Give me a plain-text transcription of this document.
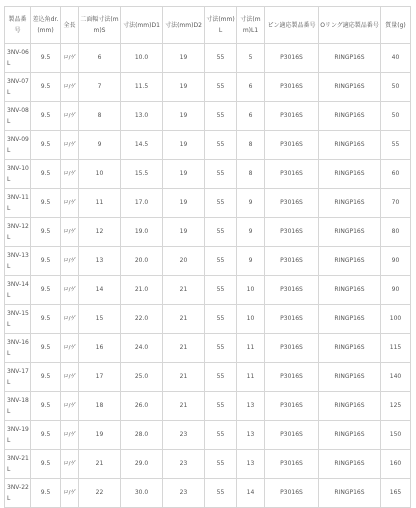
製品番号	差込角dr.(mm)	全長	二面幅寸法(mm)S	寸法(mm)D1	寸法(mm)D2	寸法(mm)L	寸法(mm)L1	ピン適応製品番号	Oリング適応製品番号	質量(g)
3NV-06L	9.5	ロ/ゲ	6	10.0	19	55	5	P3016S	RINGP16S	40
3NV-07L	9.5	ロ/ゲ	7	11.5	19	55	6	P3016S	RINGP16S	50
3NV-08L	9.5	ロ/ゲ	8	13.0	19	55	6	P3016S	RINGP16S	50
3NV-09L	9.5	ロ/ゲ	9	14.5	19	55	8	P3016S	RINGP16S	55
3NV-10L	9.5	ロ/ゲ	10	15.5	19	55	8	P3016S	RINGP16S	60
3NV-11L	9.5	ロ/ゲ	11	17.0	19	55	9	P3016S	RINGP16S	70
3NV-12L	9.5	ロ/ゲ	12	19.0	19	55	9	P3016S	RINGP16S	80
3NV-13L	9.5	ロ/ゲ	13	20.0	20	55	9	P3016S	RINGP16S	90
3NV-14L	9.5	ロ/ゲ	14	21.0	21	55	10	P3016S	RINGP16S	90
3NV-15L	9.5	ロ/ゲ	15	22.0	21	55	10	P3016S	RINGP16S	100
3NV-16L	9.5	ロ/ゲ	16	24.0	21	55	11	P3016S	RINGP16S	115
3NV-17L	9.5	ロ/ゲ	17	25.0	21	55	11	P3016S	RINGP16S	140
3NV-18L	9.5	ロ/ゲ	18	26.0	21	55	13	P3016S	RINGP16S	125
3NV-19L	9.5	ロ/ゲ	19	28.0	23	55	13	P3016S	RINGP16S	150
3NV-21L	9.5	ロ/ゲ	21	29.0	23	55	13	P3016S	RINGP16S	160
3NV-22L	9.5	ロ/ゲ	22	30.0	23	55	14	P3016S	RINGP16S	165
